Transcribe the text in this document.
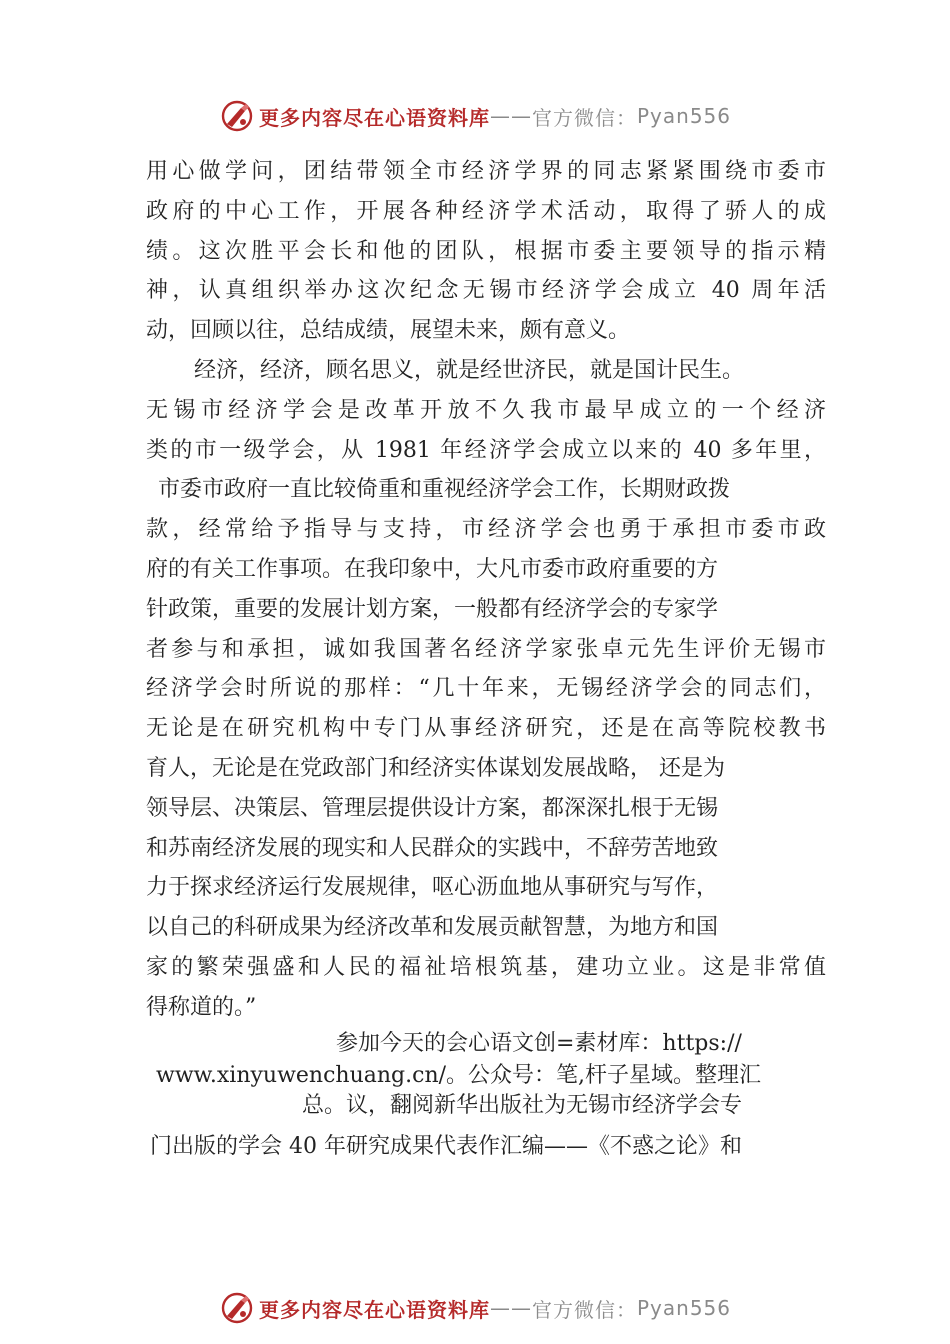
更多内容尽在心语资料库 —— 官方微信： Pyan556
用心做学问，团结带领全市经济学界的同志紧紧围绕市委市
政府的中心工作，开展各种经济学术活动，取得了骄人的成
绩。这次胜平会长和他的团队，根据市委主要领导的指示精
神，认真组织举办这次纪念无锡市经济学会成立 40 周年活
动，回顾以往，总结成绩，展望未来，颇有意义。
经济，经济，顾名思义，就是经世济民，就是国计民生。
无锡市经济学会是改革开放不久我市最早成立的一个经济
类的市一级学会，从 1981 年经济学会成立以来的 40 多年里，
市委市政府一直比较倚重和重视经济学会工作，长期财政拨
款，经常给予指导与支持，市经济学会也勇于承担市委市政
府的有关工作事项。在我印象中，大凡市委市政府重要的方
针政策，重要的发展计划方案，一般都有经济学会的专家学
者参与和承担，诚如我国著名经济学家张卓元先生评价无锡市
经济学会时所说的那样：“几十年来，无锡经济学会的同志们，
无论是在研究机构中专门从事经济研究，还是在高等院校教书
育人，无论是在党政部门和经济实体谋划发展战略， 还是为
领导层、决策层、管理层提供设计方案，都深深扎根于无锡
和苏南经济发展的现实和人民群众的实践中，不辞劳苦地致
力于探求经济运行发展规律，呕心沥血地从事研究与写作，
以自己的科研成果为经济改革和发展贡献智慧，为地方和国
家的繁荣强盛和人民的福祉培根筑基，建功立业。这是非常值
得称道的。”
参加今天的会心语文创=素材库：https://
www.xinyuwenchuang.cn/。公众号：笔,杆子星域。整理汇
总。议，翻阅新华出版社为无锡市经济学会专
门出版的学会 40 年研究成果代表作汇编——《不惑之论》和
更多内容尽在心语资料库 —— 官方微信： Pyan556
